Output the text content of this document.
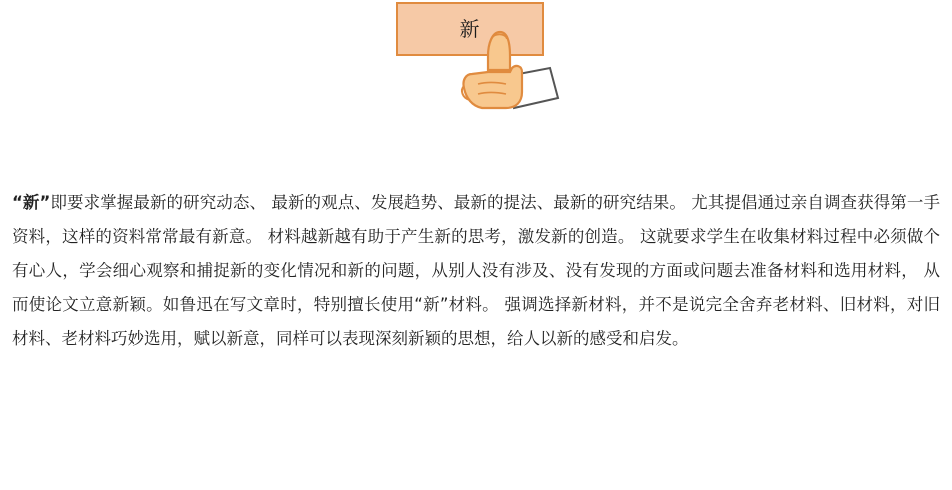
新
“新”即要求掌握最新的研究动态、 最新的观点、发展趋势、最新的提法、最新的研究结果。 尤其提倡通过亲自调查获得第一手资料，这样的资料常常最有新意。 材料越新越有助于产生新的思考，激发新的创造。 这就要求学生在收集材料过程中必须做个有心人，学会细心观察和捕捉新的变化情况和新的问题，从别人没有涉及、没有发现的方面或问题去准备材料和选用材料， 从而使论文立意新颖。如鲁迅在写文章时，特别擅长使用“新”材料。 强调选择新材料，并不是说完全舍弃老材料、旧材料，对旧材料、老材料巧妙选用，赋以新意，同样可以表现深刻新颖的思想，给人以新的感受和启发。
